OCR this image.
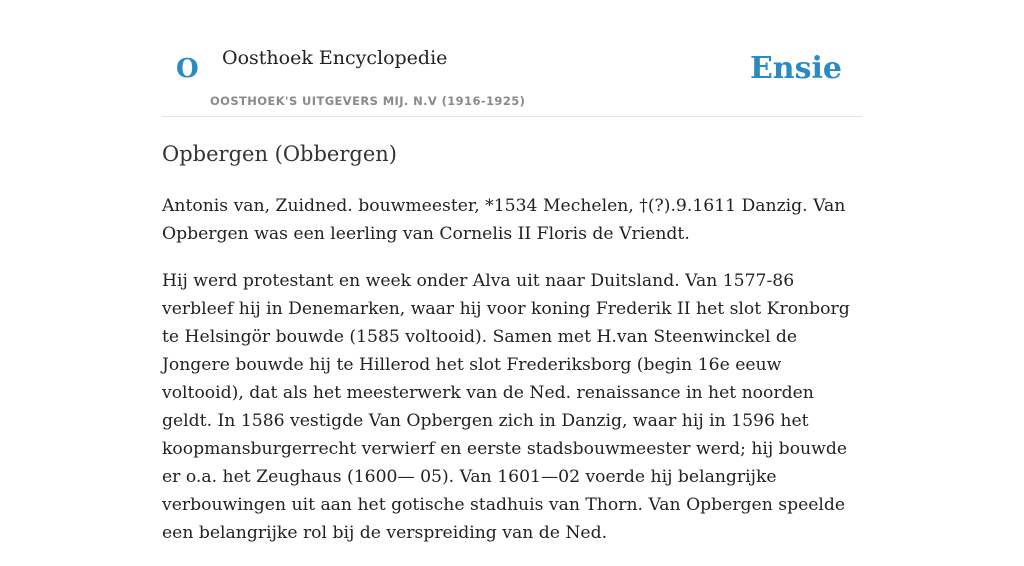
O Oosthoek Encyclopedie
OOSTHOEK'S UITGEVERS MIJ. N.V (1916-1925)
Ensie
Opbergen (Obbergen)

Antonis van, Zuidned. bouwmeester, *1534 Mechelen, †(?).9.1611 Danzig. Van Opbergen was een leerling van Cornelis II Floris de Vriendt.

Hij werd protestant en week onder Alva uit naar Duitsland. Van 1577-86 verbleef hij in Denemarken, waar hij voor koning Frederik II het slot Kronborg te Helsingör bouwde (1585 voltooid). Samen met H.van Steenwinckel de Jongere bouwde hij te Hillerod het slot Frederiksborg (begin 16e eeuw voltooid), dat als het meesterwerk van de Ned. renaissance in het noorden geldt. In 1586 vestigde Van Opbergen zich in Danzig, waar hij in 1596 het koopmansburgerrecht verwierf en eerste stadsbouwmeester werd; hij bouwde er o.a. het Zeughaus (1600— 05). Van 1601—02 voerde hij belangrijke verbouwingen uit aan het gotische stadhuis van Thorn. Van Opbergen speelde een belangrijke rol bij de verspreiding van de Ned.
